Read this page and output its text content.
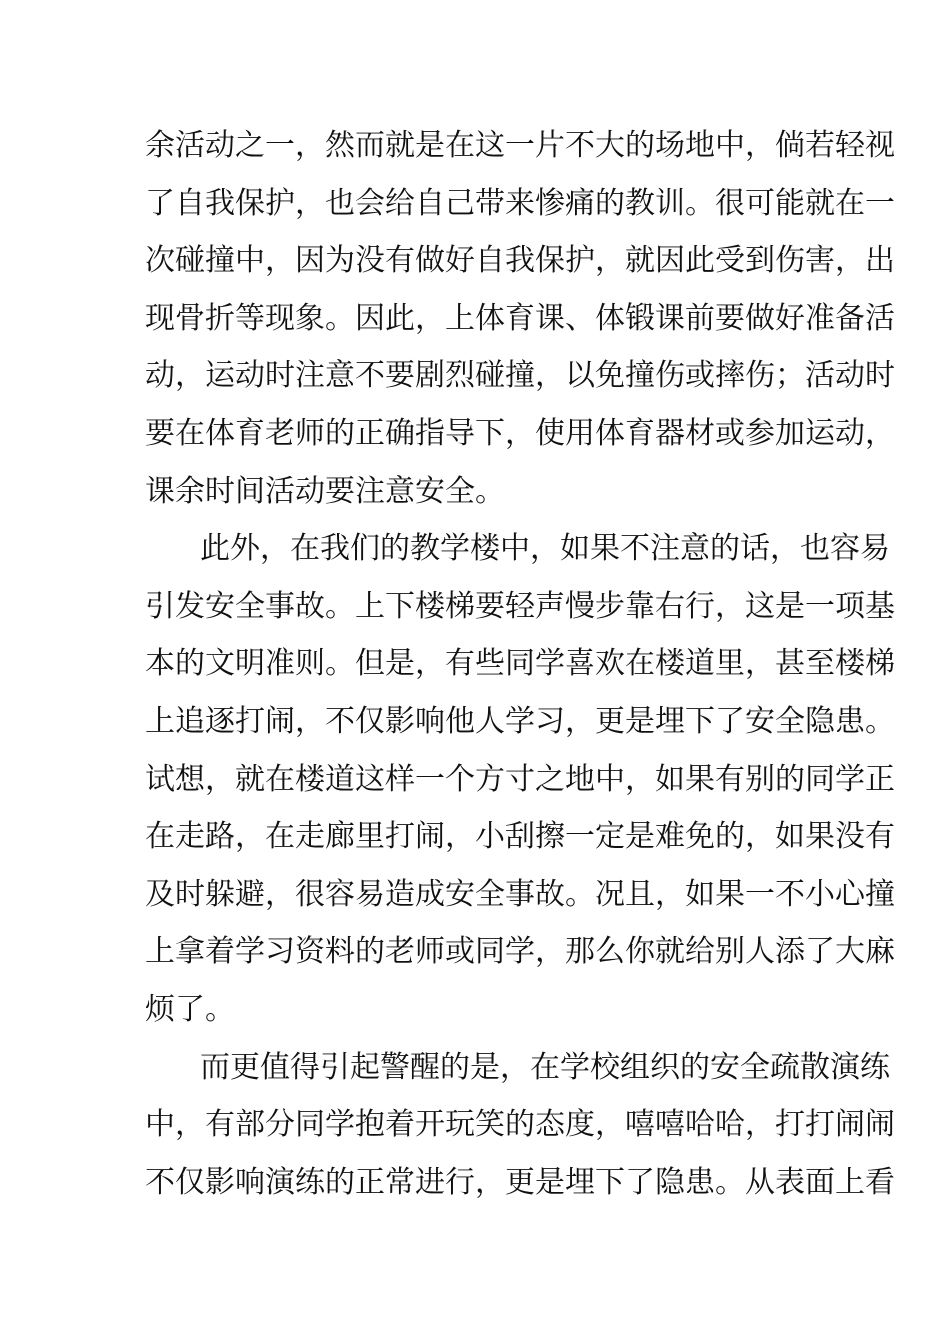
余活动之一，然而就是在这一片不大的场地中，倘若轻视
了自我保护，也会给自己带来惨痛的教训。很可能就在一
次碰撞中，因为没有做好自我保护，就因此受到伤害，出
现骨折等现象。因此，上体育课、体锻课前要做好准备活
动，运动时注意不要剧烈碰撞，以免撞伤或摔伤；活动时
要在体育老师的正确指导下，使用体育器材或参加运动，
课余时间活动要注意安全。
此外，在我们的教学楼中，如果不注意的话，也容易
引发安全事故。上下楼梯要轻声慢步靠右行，这是一项基
本的文明准则。但是，有些同学喜欢在楼道里，甚至楼梯
上追逐打闹，不仅影响他人学习，更是埋下了安全隐患。
试想，就在楼道这样一个方寸之地中，如果有别的同学正
在走路，在走廊里打闹，小刮擦一定是难免的，如果没有
及时躲避，很容易造成安全事故。况且，如果一不小心撞
上拿着学习资料的老师或同学，那么你就给别人添了大麻
烦了。
而更值得引起警醒的是，在学校组织的安全疏散演练
中，有部分同学抱着开玩笑的态度，嘻嘻哈哈，打打闹闹
不仅影响演练的正常进行，更是埋下了隐患。从表面上看
